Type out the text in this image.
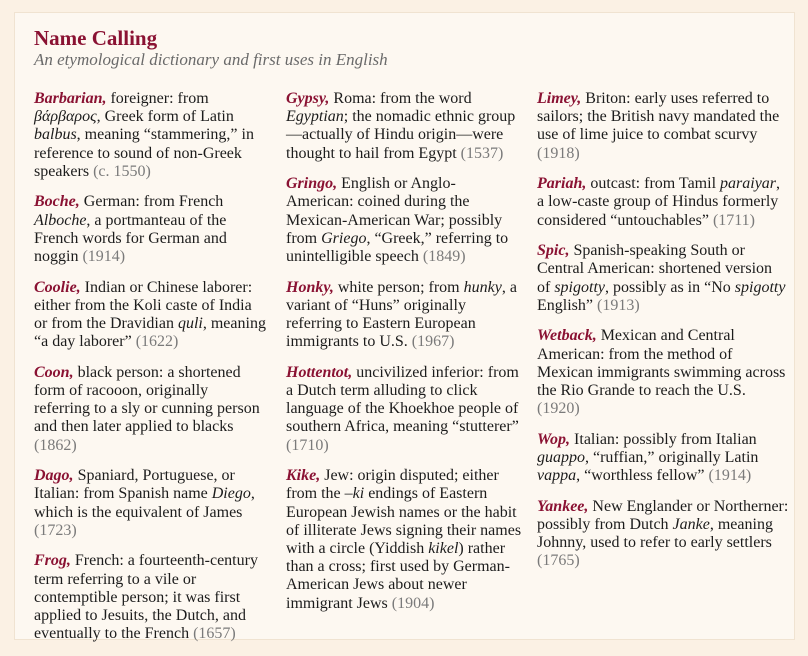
Name Calling
An etymological dictionary and first uses in English

Barbarian, foreigner: from βάρβαρος, Greek form of Latin balbus, meaning “stammering,” in reference to sound of non-Greek speakers (c. 1550)

Boche, German: from French Alboche, a portmanteau of the French words for German and noggin (1914)

Coolie, Indian or Chinese laborer: either from the Koli caste of India or from the Dravidian quli, meaning “a day laborer” (1622)

Coon, black person: a shortened form of racooon, originally referring to a sly or cunning person and then later applied to blacks (1862)

Dago, Spaniard, Portuguese, or Italian: from Spanish name Diego, which is the equivalent of James (1723)

Frog, French: a fourteenth-century term referring to a vile or contemptible person; it was first applied to Jesuits, the Dutch, and eventually to the French (1657)

Gypsy, Roma: from the word Egyptian; the nomadic ethnic group—actually of Hindu origin—were thought to hail from Egypt (1537)

Gringo, English or Anglo-American: coined during the Mexican-American War; possibly from Griego, “Greek,” referring to unintelligible speech (1849)

Honky, white person; from hunky, a variant of “Huns” originally referring to Eastern European immigrants to U.S. (1967)

Hottentot, uncivilized inferior: from a Dutch term alluding to click language of the Khoekhoe people of southern Africa, meaning “stutterer” (1710)

Kike, Jew: origin disputed; either from the –ki endings of Eastern European Jewish names or the habit of illiterate Jews signing their names with a circle (Yiddish kikel) rather than a cross; first used by German-American Jews about newer immigrant Jews (1904)

Limey, Briton: early uses referred to sailors; the British navy mandated the use of lime juice to combat scurvy (1918)

Pariah, outcast: from Tamil paraiyar, a low-caste group of Hindus formerly considered “untouchables” (1711)

Spic, Spanish-speaking South or Central American: shortened version of spigotty, possibly as in “No spigotty English” (1913)

Wetback, Mexican and Central American: from the method of Mexican immigrants swimming across the Rio Grande to reach the U.S. (1920)

Wop, Italian: possibly from Italian guappo, “ruffian,” originally Latin vappa, “worthless fellow” (1914)

Yankee, New Englander or Northerner: possibly from Dutch Janke, meaning Johnny, used to refer to early settlers (1765)
